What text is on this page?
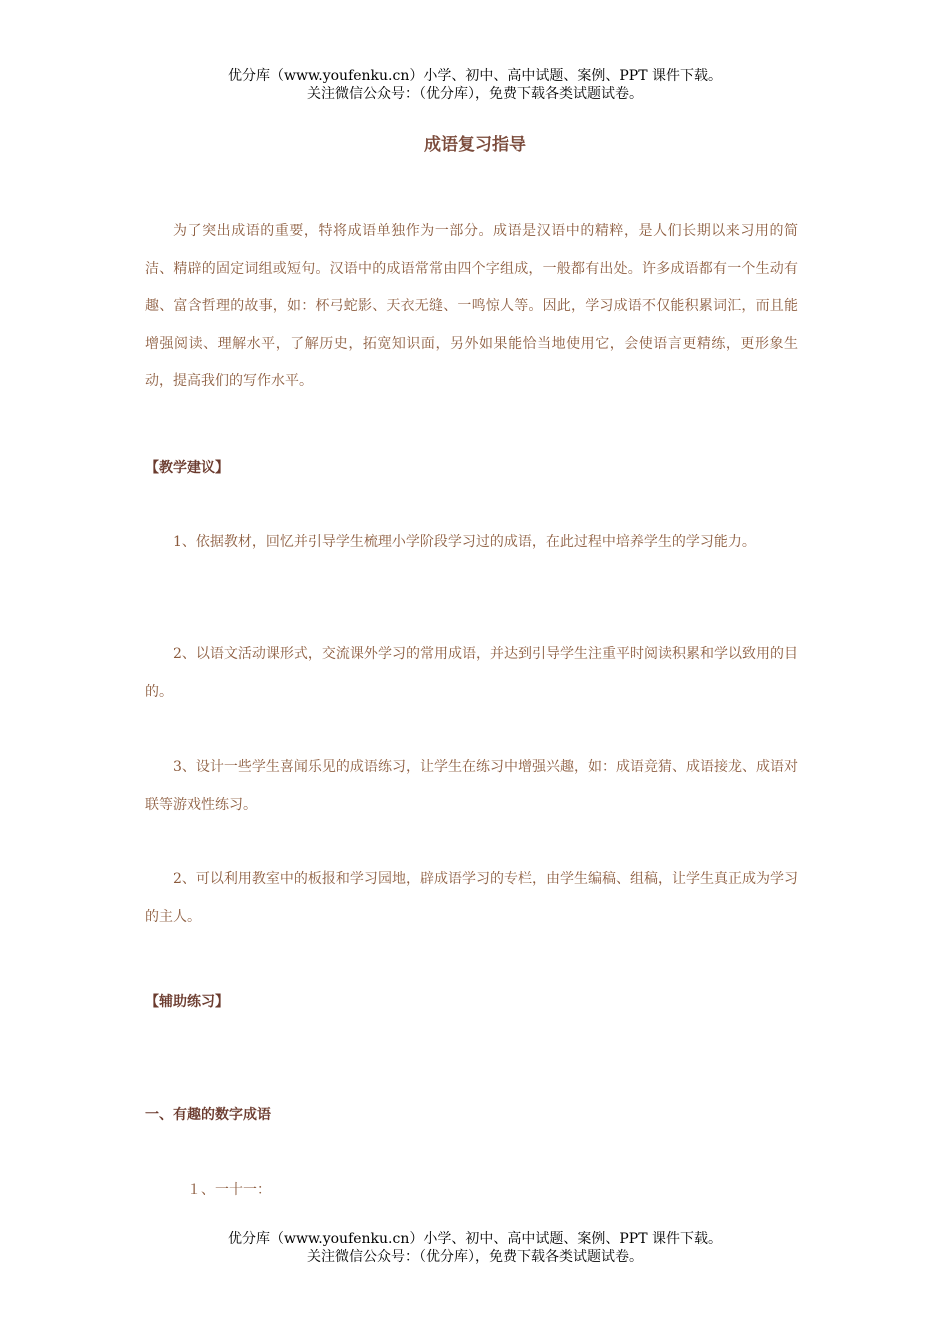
优分库（www.youfenku.cn）小学、初中、高中试题、案例、PPT 课件下载。
关注微信公众号：（优分库），免费下载各类试题试卷。
成语复习指导

为了突出成语的重要，特将成语单独作为一部分。成语是汉语中的精粹，是人们长期以来习用的简洁、精辟的固定词组或短句。汉语中的成语常常由四个字组成，一般都有出处。许多成语都有一个生动有趣、富含哲理的故事，如：杯弓蛇影、天衣无缝、一鸣惊人等。因此，学习成语不仅能积累词汇，而且能增强阅读、理解水平，了解历史，拓宽知识面，另外如果能恰当地使用它，会使语言更精练，更形象生动，提高我们的写作水平。

【教学建议】

1、依据教材，回忆并引导学生梳理小学阶段学习过的成语，在此过程中培养学生的学习能力。

2、以语文活动课形式，交流课外学习的常用成语，并达到引导学生注重平时阅读积累和学以致用的目的。

3、设计一些学生喜闻乐见的成语练习，让学生在练习中增强兴趣，如：成语竞猜、成语接龙、成语对联等游戏性练习。

2、可以利用教室中的板报和学习园地，辟成语学习的专栏，由学生编稿、组稿，让学生真正成为学习的主人。

【辅助练习】
一、有趣的数字成语
１、一十一：
优分库（www.youfenku.cn）小学、初中、高中试题、案例、PPT 课件下载。
关注微信公众号：（优分库），免费下载各类试题试卷。
